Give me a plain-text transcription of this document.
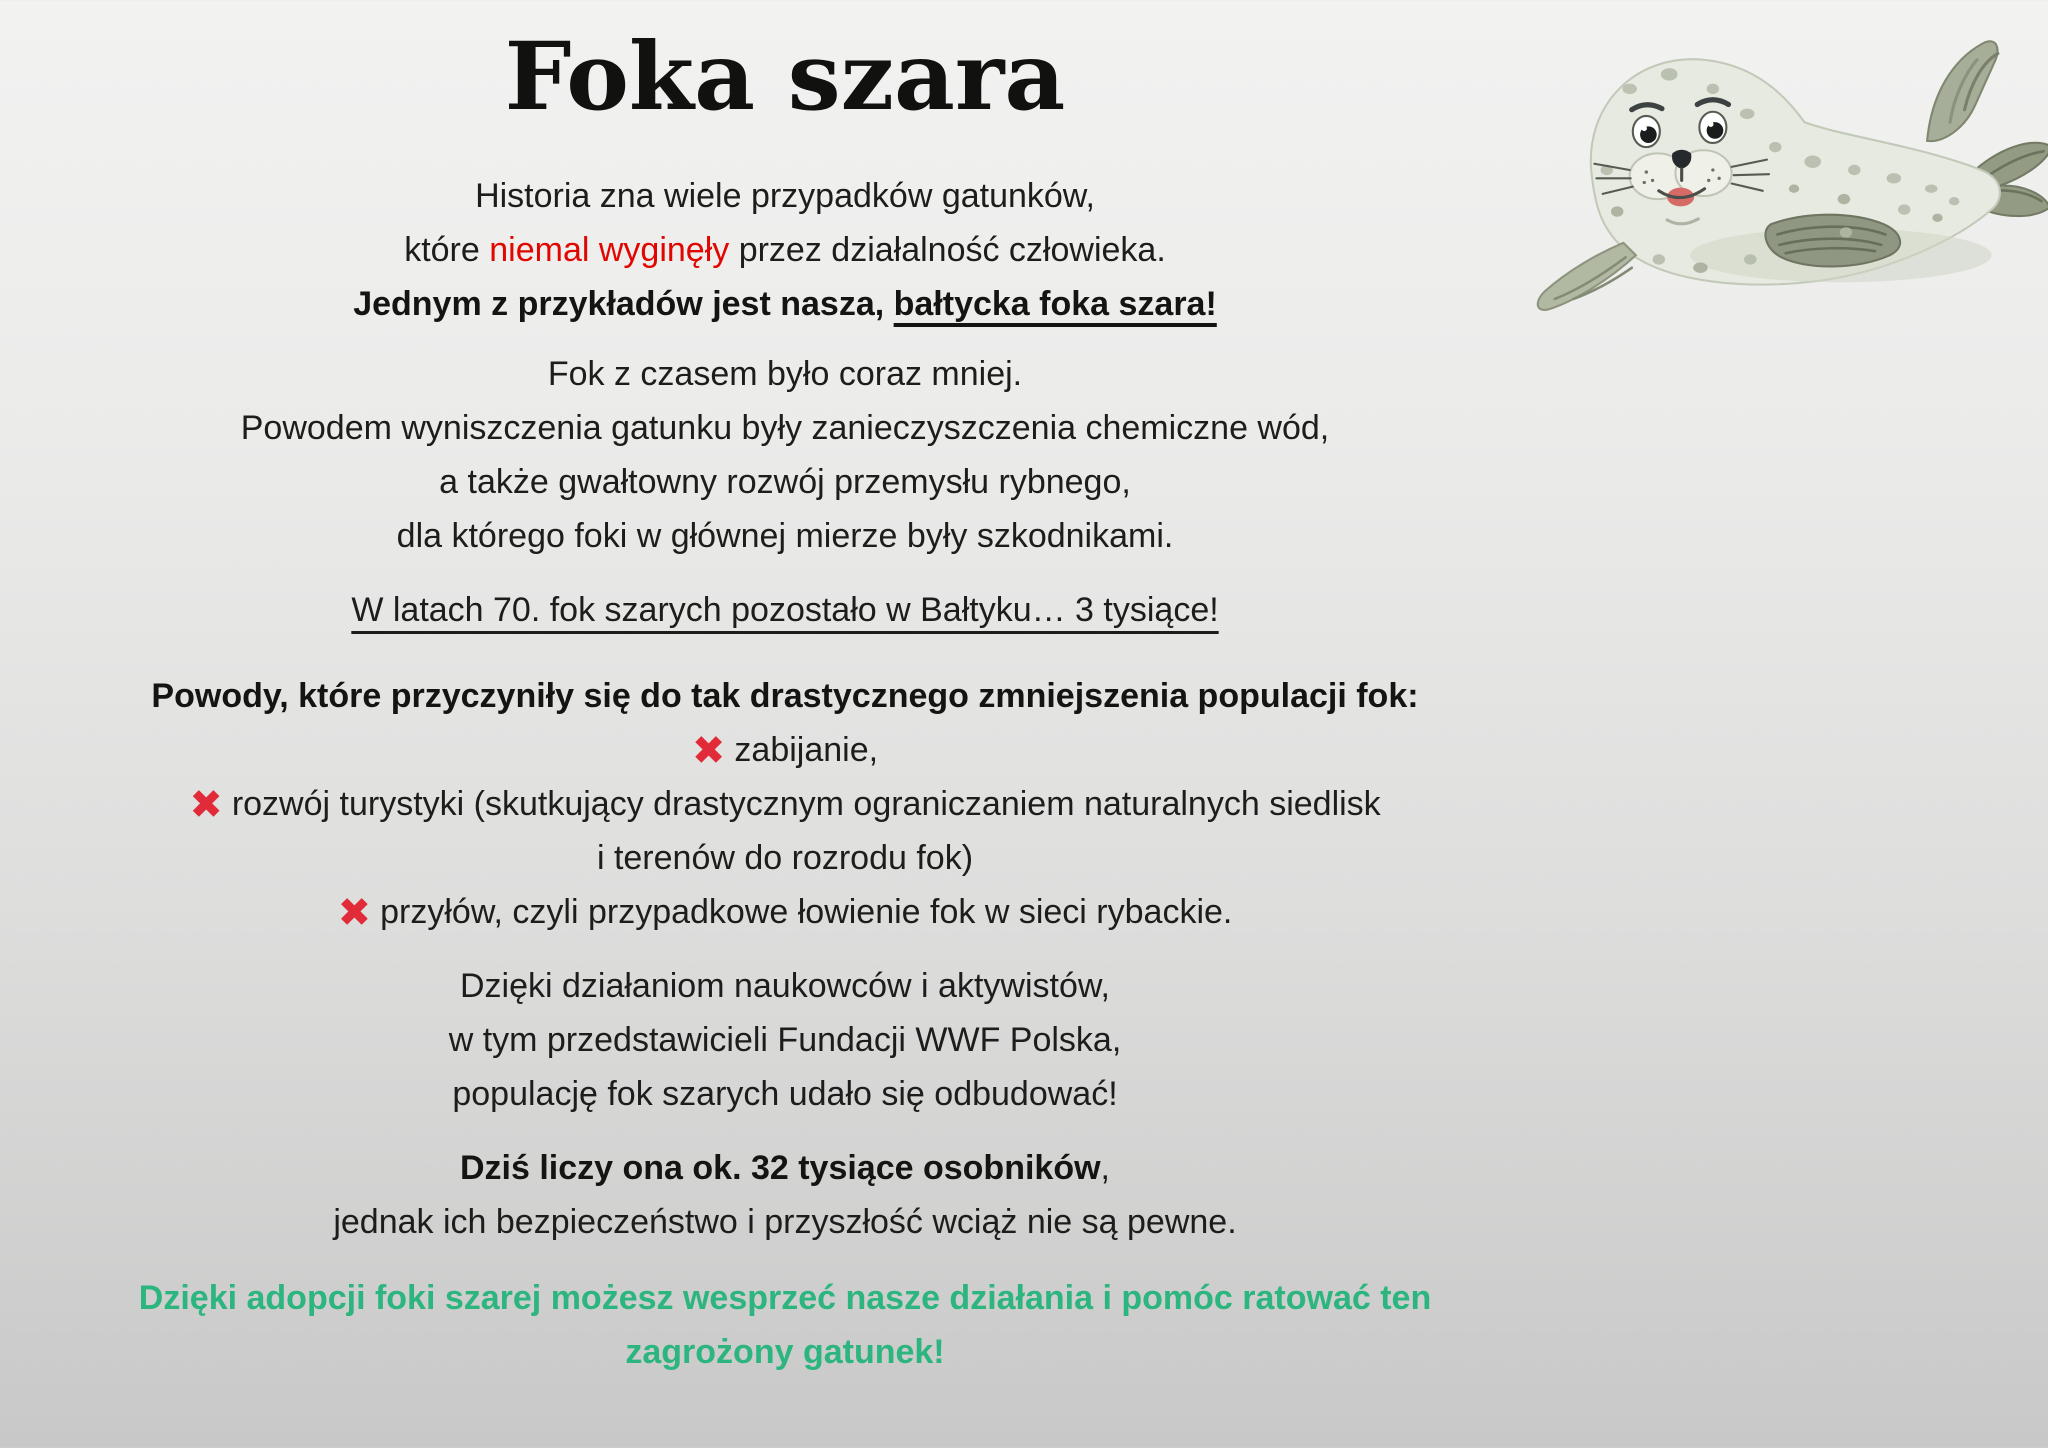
Foka szara
Historia zna wiele przypadków gatunków,
które niemal wyginęły przez działalność człowieka.
Jednym z przykładów jest nasza, bałtycka foka szara!
Fok z czasem było coraz mniej.
Powodem wyniszczenia gatunku były zanieczyszczenia chemiczne wód,
a także gwałtowny rozwój przemysłu rybnego,
dla którego foki w głównej mierze były szkodnikami.
W latach 70. fok szarych pozostało w Bałtyku… 3 tysiące!
Powody, które przyczyniły się do tak drastycznego zmniejszenia populacji fok:
✖ zabijanie,
✖ rozwój turystyki (skutkujący drastycznym ograniczaniem naturalnych siedlisk
i terenów do rozrodu fok)
✖ przyłów, czyli przypadkowe łowienie fok w sieci rybackie.
Dzięki działaniom naukowców i aktywistów,
w tym przedstawicieli Fundacji WWF Polska,
populację fok szarych udało się odbudować!
Dziś liczy ona ok. 32 tysiące osobników,
jednak ich bezpieczeństwo i przyszłość wciąż nie są pewne.
Dzięki adopcji foki szarej możesz wesprzeć nasze działania i pomóc ratować ten
zagrożony gatunek!
